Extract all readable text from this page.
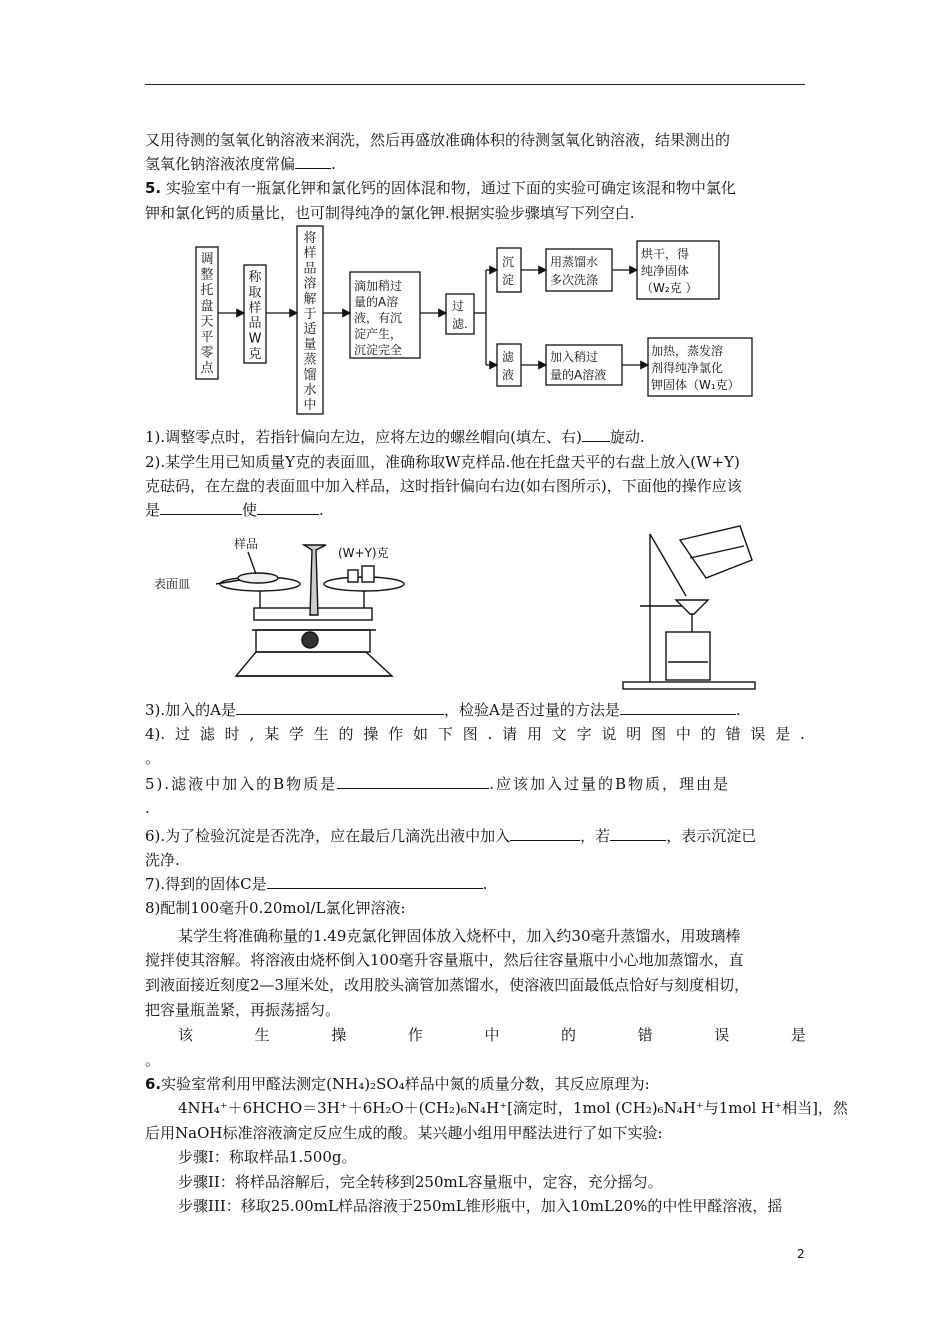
又用待测的氢氧化钠溶液来润洗，然后再盛放准确体积的待测氢氧化钠溶液，结果测出的
氢氧化钠溶液浓度常偏 .
5. 实验室中有一瓶氯化钾和氯化钙的固体混和物，通过下面的实验可确定该混和物中氯化
钾和氯化钙的质量比，也可制得纯净的氯化钾.根据实验步骤填写下列空白.
调整托盘天平零点
称取样品 W 克
将样品溶解于适量蒸馏水中
滴加稍过
量的A溶
液，有沉
淀产生，
沉淀完全
过
滤.
沉
淀
用蒸馏水
多次洗涤
烘干，得
纯净固体
（W₂克 ）
滤
液
加入稍过
量的A溶液
加热，蒸发溶
剂得纯净氯化
钾固体（W₁克）
1).调整零点时，若指针偏向左边，应将左边的螺丝帽向(填左、右) 旋动.
2).某学生用已知质量Y克的表面皿，准确称取W克样品.他在托盘天平的右盘上放入(W+Y)
克砝码，在左盘的表面皿中加入样品，这时指针偏向右边(如右图所示)，下面他的操作应该
是	使	.
样品
表面皿
(W+Y)克
3).加入的A是	，检验A是否过量的方法是	.
4). 过 滤 时 , 某 学 生 的 操 作 如 下 图 . 请 用 文 字 说 明 图 中 的 错 误 是 .
。
5).滤液中加入的B物质是	.应该加入过量的B物质，理由是
.
6).为了检验沉淀是否洗净，应在最后几滴洗出液中加入	，若	，表示沉淀已
洗净.
7).得到的固体C是	.
8)配制100毫升0.20mol/L氯化钾溶液:
某学生将准确称量的1.49克氯化钾固体放入烧杯中，加入约30毫升蒸馏水，用玻璃棒
搅拌使其溶解。将溶液由烧杯倒入100毫升容量瓶中，然后往容量瓶中小心地加蒸馏水，直
到液面接近刻度2—3厘米处，改用胶头滴管加蒸馏水，使溶液凹面最低点恰好与刻度相切，
把容量瓶盖紧，再振荡摇匀。
该	生	操	作	中	的	错	误	是
。
6.实验室常利用甲醛法测定(NH₄)₂SO₄样品中氮的质量分数，其反应原理为:
4NH₄⁺＋6HCHO＝3H⁺＋6H₂O＋(CH₂)₆N₄H⁺[滴定时，1mol (CH₂)₆N₄H⁺与1mol H⁺相当]，然
后用NaOH标准溶液滴定反应生成的酸。某兴趣小组用甲醛法进行了如下实验:
步骤I：称取样品1.500g。
步骤II：将样品溶解后，完全转移到250mL容量瓶中，定容，充分摇匀。
步骤III：移取25.00mL样品溶液于250mL锥形瓶中，加入10mL20%的中性甲醛溶液，摇
2
